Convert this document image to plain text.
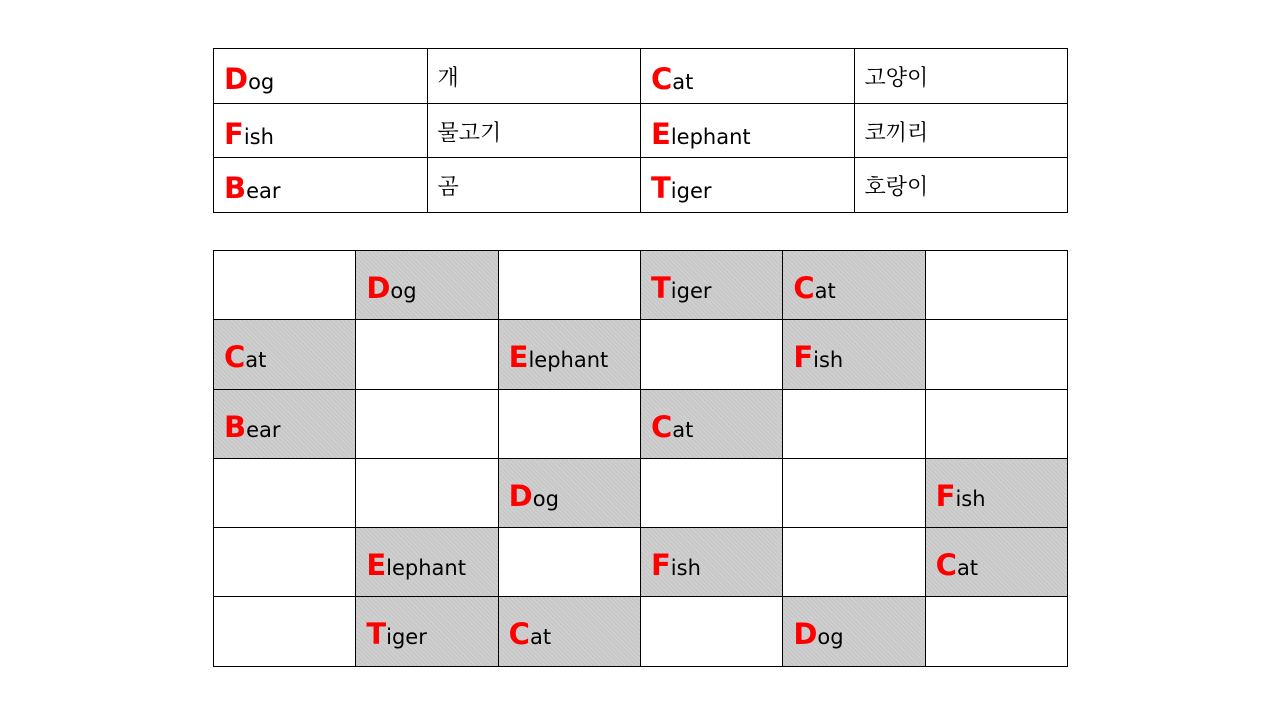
Dog	개	Cat	고양이
Fish	물고기	Elephant	코끼리
Bear	곰	Tiger	호랑이
	Dog		Tiger	Cat	
Cat		Elephant		Fish	
Bear			Cat		
		Dog			Fish
	Elephant		Fish		Cat
	Tiger	Cat		Dog	
